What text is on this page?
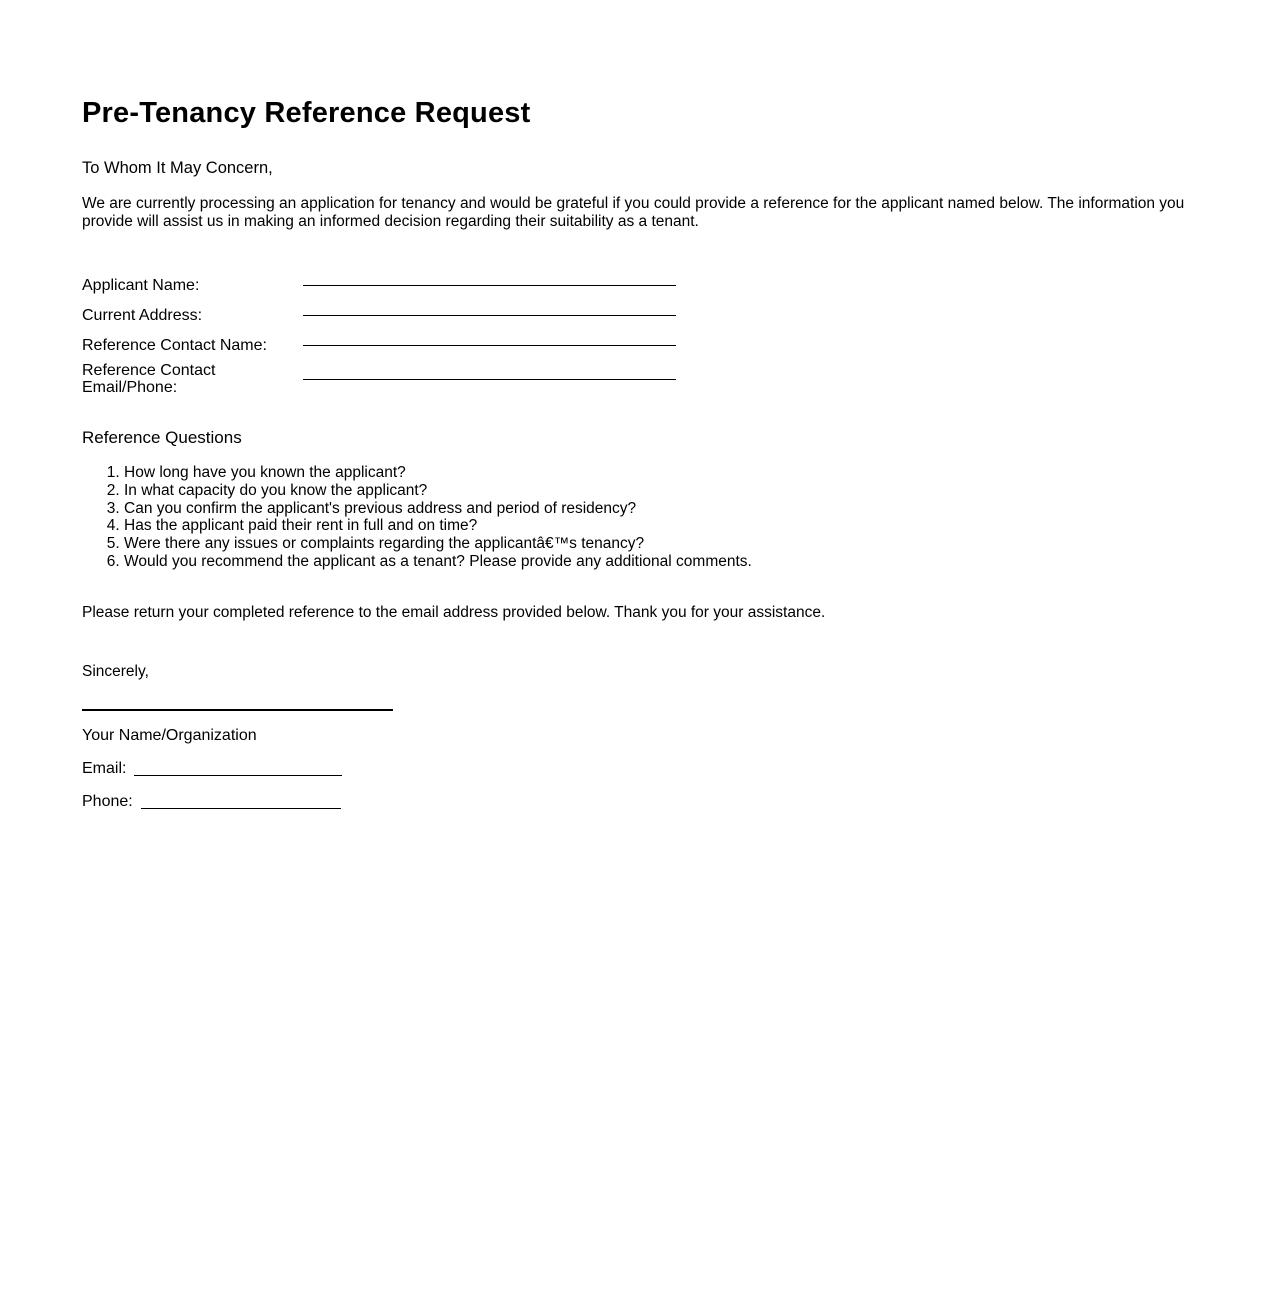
Pre-Tenancy Reference Request
To Whom It May Concern,
We are currently processing an application for tenancy and would be grateful if you could provide a reference for the applicant named below. The information you provide will assist us in making an informed decision regarding their suitability as a tenant.
Applicant Name:
Current Address:
Reference Contact Name:
Reference Contact Email/Phone:
Reference Questions
1. How long have you known the applicant?
2. In what capacity do you know the applicant?
3. Can you confirm the applicant's previous address and period of residency?
4. Has the applicant paid their rent in full and on time?
5. Were there any issues or complaints regarding the applicantâ€™s tenancy?
6. Would you recommend the applicant as a tenant? Please provide any additional comments.
Please return your completed reference to the email address provided below. Thank you for your assistance.
Sincerely,
Your Name/Organization
Email:
Phone:
